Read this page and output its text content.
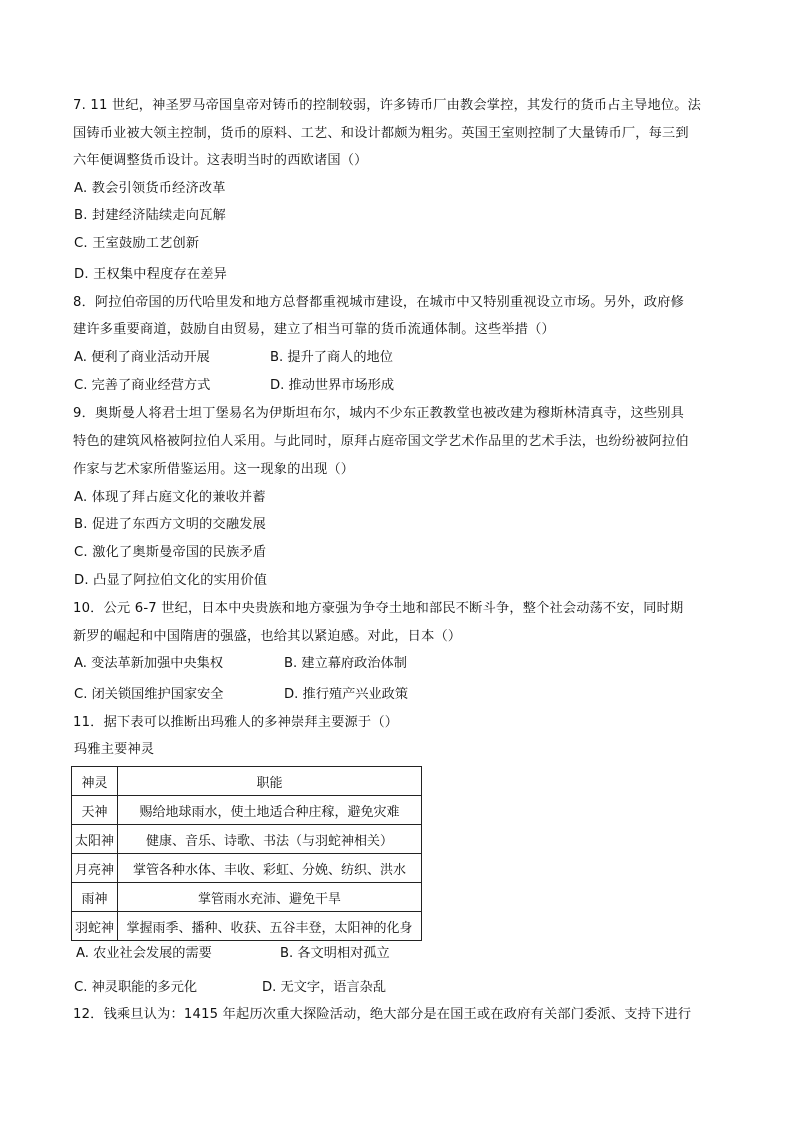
7. 11 世纪，神圣罗马帝国皇帝对铸币的控制较弱，许多铸币厂由教会掌控，其发行的货币占主导地位。法
国铸币业被大领主控制，货币的原料、工艺、和设计都颇为粗劣。英国王室则控制了大量铸币厂，每三到
六年便调整货币设计。这表明当时的西欧诸国（）
A. 教会引领货币经济改革
B. 封建经济陆续走向瓦解
C. 王室鼓励工艺创新
D. 王权集中程度存在差异
8．阿拉伯帝国的历代哈里发和地方总督都重视城市建设，在城市中又特别重视设立市场。另外，政府修
建许多重要商道，鼓励自由贸易，建立了相当可靠的货币流通体制。这些举措（）
A. 便利了商业活动开展	B. 提升了商人的地位
C. 完善了商业经营方式	D. 推动世界市场形成
9．奥斯曼人将君士坦丁堡易名为伊斯坦布尔，城内不少东正教教堂也被改建为穆斯林清真寺，这些别具
特色的建筑风格被阿拉伯人采用。与此同时，原拜占庭帝国文学艺术作品里的艺术手法，也纷纷被阿拉伯
作家与艺术家所借鉴运用。这一现象的出现（）
A. 体现了拜占庭文化的兼收并蓄
B. 促进了东西方文明的交融发展
C. 激化了奥斯曼帝国的民族矛盾
D. 凸显了阿拉伯文化的实用价值
10．公元 6-7 世纪，日本中央贵族和地方豪强为争夺土地和部民不断斗争，整个社会动荡不安，同时期
新罗的崛起和中国隋唐的强盛，也给其以紧迫感。对此，日本（）
A. 变法革新加强中央集权	B. 建立幕府政治体制
C. 闭关锁国维护国家安全	D. 推行殖产兴业政策
11．据下表可以推断出玛雅人的多神崇拜主要源于（）
玛雅主要神灵
神灵	职能
天神	赐给地球雨水，使土地适合种庄稼，避免灾难
太阳神	健康、音乐、诗歌、书法（与羽蛇神相关）
月亮神	掌管各种水体、丰收、彩虹、分娩、纺织、洪水
雨神	掌管雨水充沛、避免干旱
羽蛇神	掌握雨季、播种、收获、五谷丰登，太阳神的化身
A. 农业社会发展的需要	B. 各文明相对孤立
C. 神灵职能的多元化	D. 无文字，语言杂乱
12．钱乘旦认为：1415 年起历次重大探险活动，绝大部分是在国王或在政府有关部门委派、支持下进行
